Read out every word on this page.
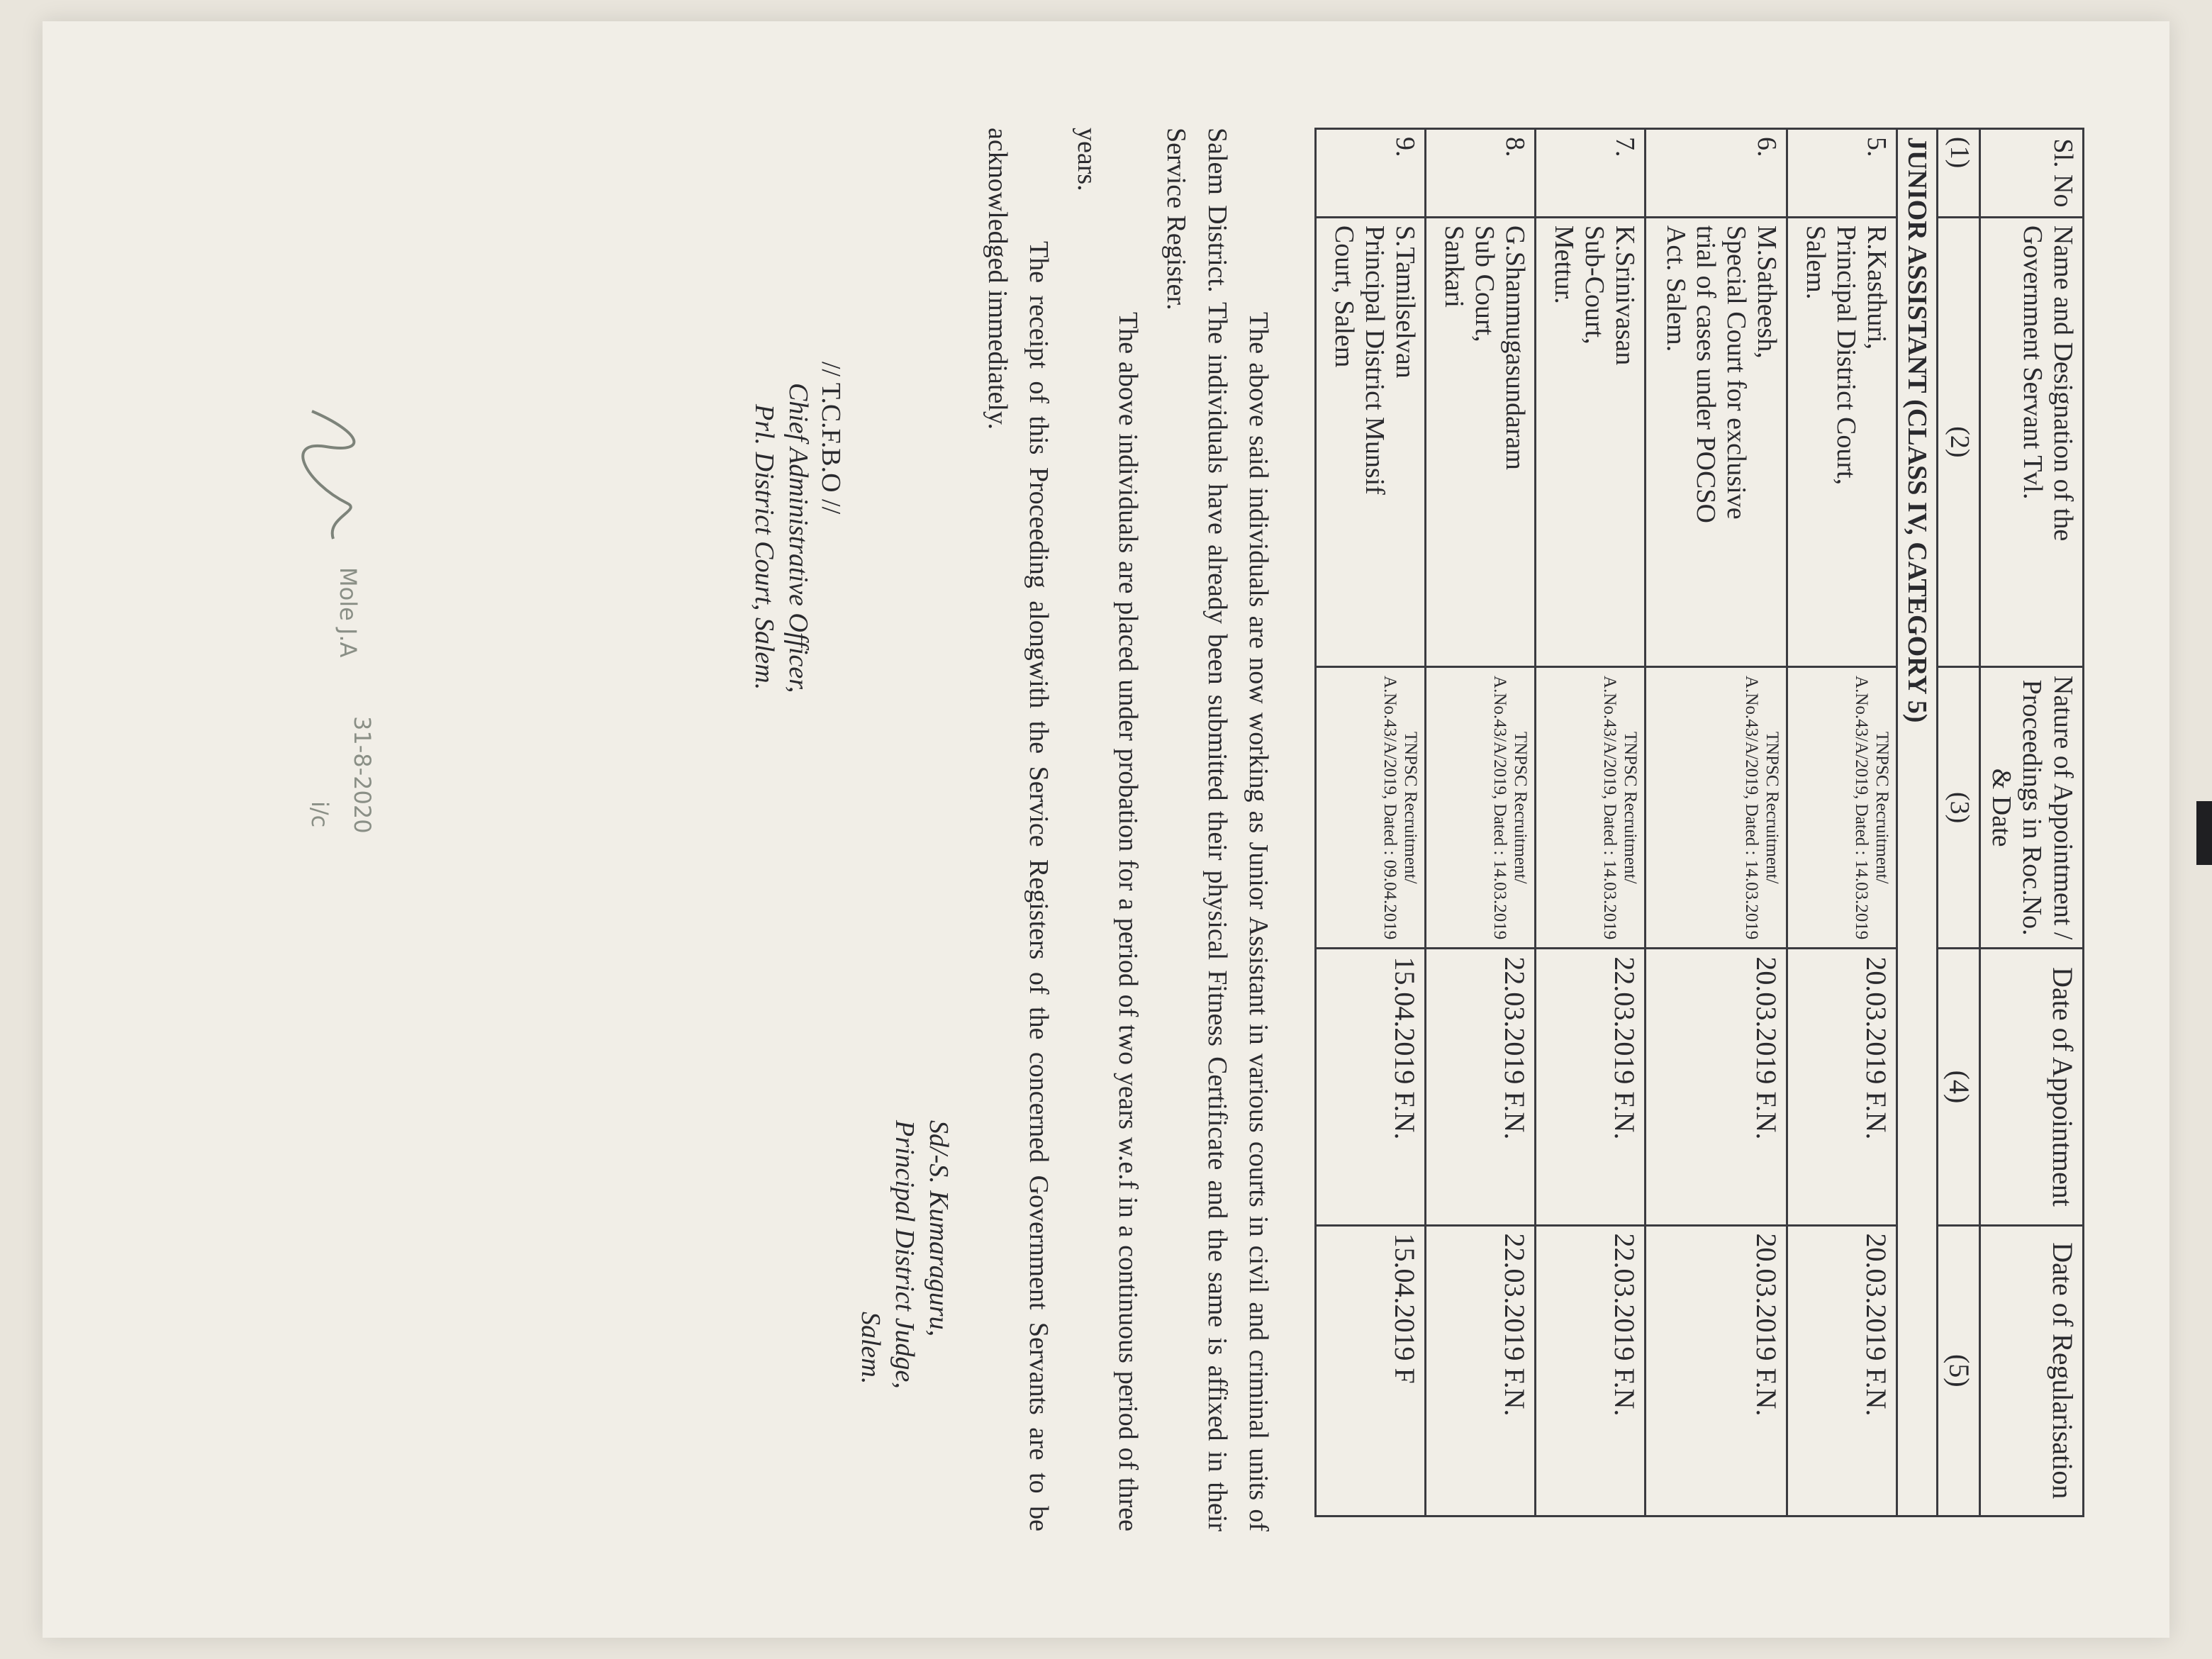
Sl. No	Name and Designation of the Government Servant Tvl.	Nature of Appointment / Proceedings in Roc.No. & Date	Date of Appointment	Date of Regularisation
(1)	(2)	(3)	(4)	(5)
JUNIOR ASSISTANT (CLASS IV, CATEGORY 5)				
5.	R.Kasthuri,
Principal District Court,
Salem.	TNPSC Recruitment/ A.No.43/A/2019, Dated : 14.03.2019	20.03.2019 F.N.	20.03.2019 F.N.
6.	M.Satheesh,
Special Court for exclusive
trial of cases under POCSO
Act. Salem.	TNPSC Recruitment/ A.No.43/A/2019, Dated : 14.03.2019	20.03.2019 F.N.	20.03.2019 F.N.
7.	K.Srinivasan
Sub-Court,
Mettur.	TNPSC Recruitment/ A.No.43/A/2019, Dated : 14.03.2019	22.03.2019 F.N.	22.03.2019 F.N.
8.	G.Shanmugasundaram
Sub Court,
Sankari	TNPSC Recruitment/ A.No.43/A/2019, Dated : 14.03.2019	22.03.2019 F.N.	22.03.2019 F.N.
9.	S.Tamilselvan
Principal District Munsif
Court, Salem	TNPSC Recruitment/ A.No.43/A/2019, Dated : 09.04.2019	15.04.2019 F.N.	15.04.2019 F

The above said individuals are now working as Junior Assistant in various courts in civil and criminal units of Salem District. The individuals have already been submitted their physical Fitness Certificate and the same is affixed in their Service Register.

The above individuals are placed under probation for a period of two years w.e.f in a continuous period of three years.

The receipt of this Proceeding alongwith the Service Registers of the concerned Government Servants are to be acknowledged immediately.

Sd/-S. Kumaraguru,
Principal District Judge,
Salem.
// T.C.F.B.O //
Chief Administrative Officer,
Prl. District Court, Salem.
Mole J.A
31-8-2020
i/c
